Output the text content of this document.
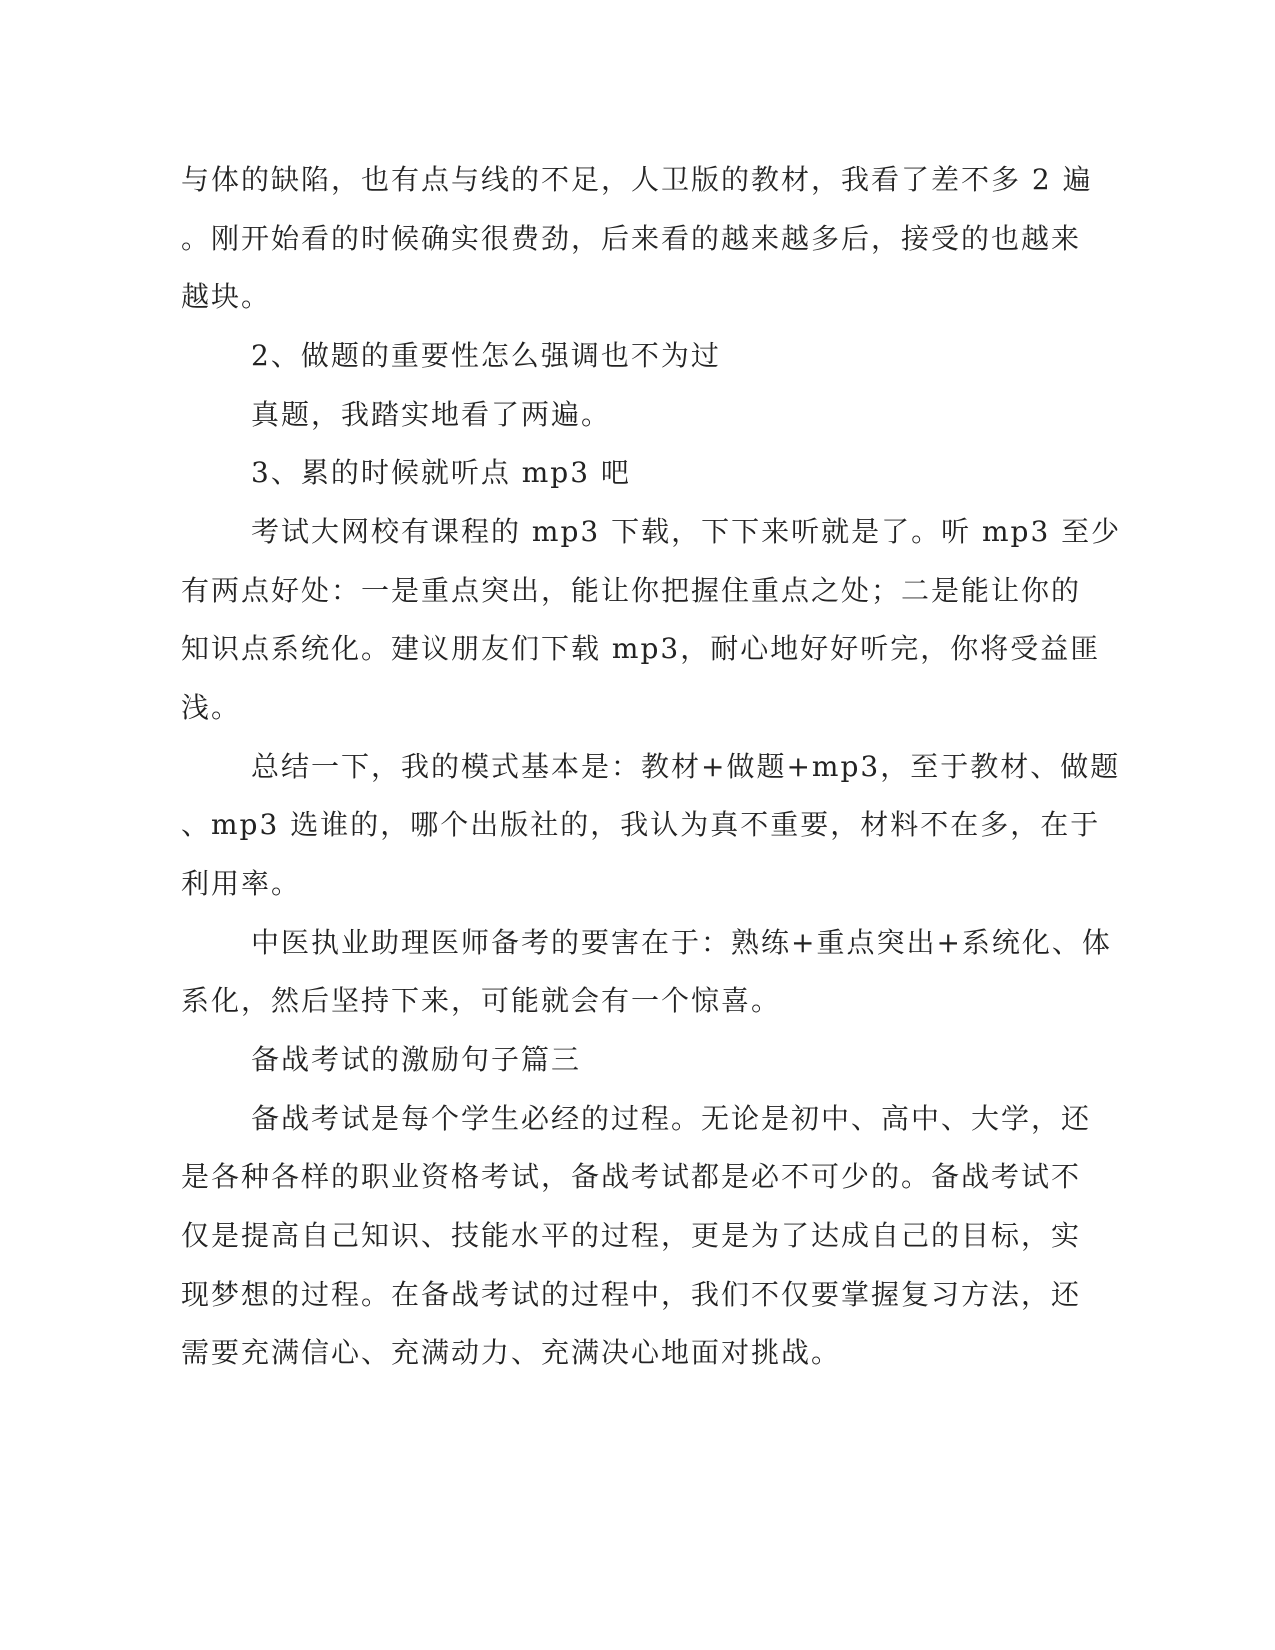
与体的缺陷，也有点与线的不足，人卫版的教材，我看了差不多 2 遍
。刚开始看的时候确实很费劲，后来看的越来越多后，接受的也越来
越块。
2、做题的重要性怎么强调也不为过
真题，我踏实地看了两遍。
3、累的时候就听点 mp3 吧
考试大网校有课程的 mp3 下载，下下来听就是了。听 mp3 至少
有两点好处：一是重点突出，能让你把握住重点之处；二是能让你的
知识点系统化。建议朋友们下载 mp3，耐心地好好听完，你将受益匪
浅。
总结一下，我的模式基本是：教材+做题+mp3，至于教材、做题
、mp3 选谁的，哪个出版社的，我认为真不重要，材料不在多，在于
利用率。
中医执业助理医师备考的要害在于：熟练+重点突出+系统化、体
系化，然后坚持下来，可能就会有一个惊喜。
备战考试的激励句子篇三
备战考试是每个学生必经的过程。无论是初中、高中、大学，还
是各种各样的职业资格考试，备战考试都是必不可少的。备战考试不
仅是提高自己知识、技能水平的过程，更是为了达成自己的目标，实
现梦想的过程。在备战考试的过程中，我们不仅要掌握复习方法，还
需要充满信心、充满动力、充满决心地面对挑战。
